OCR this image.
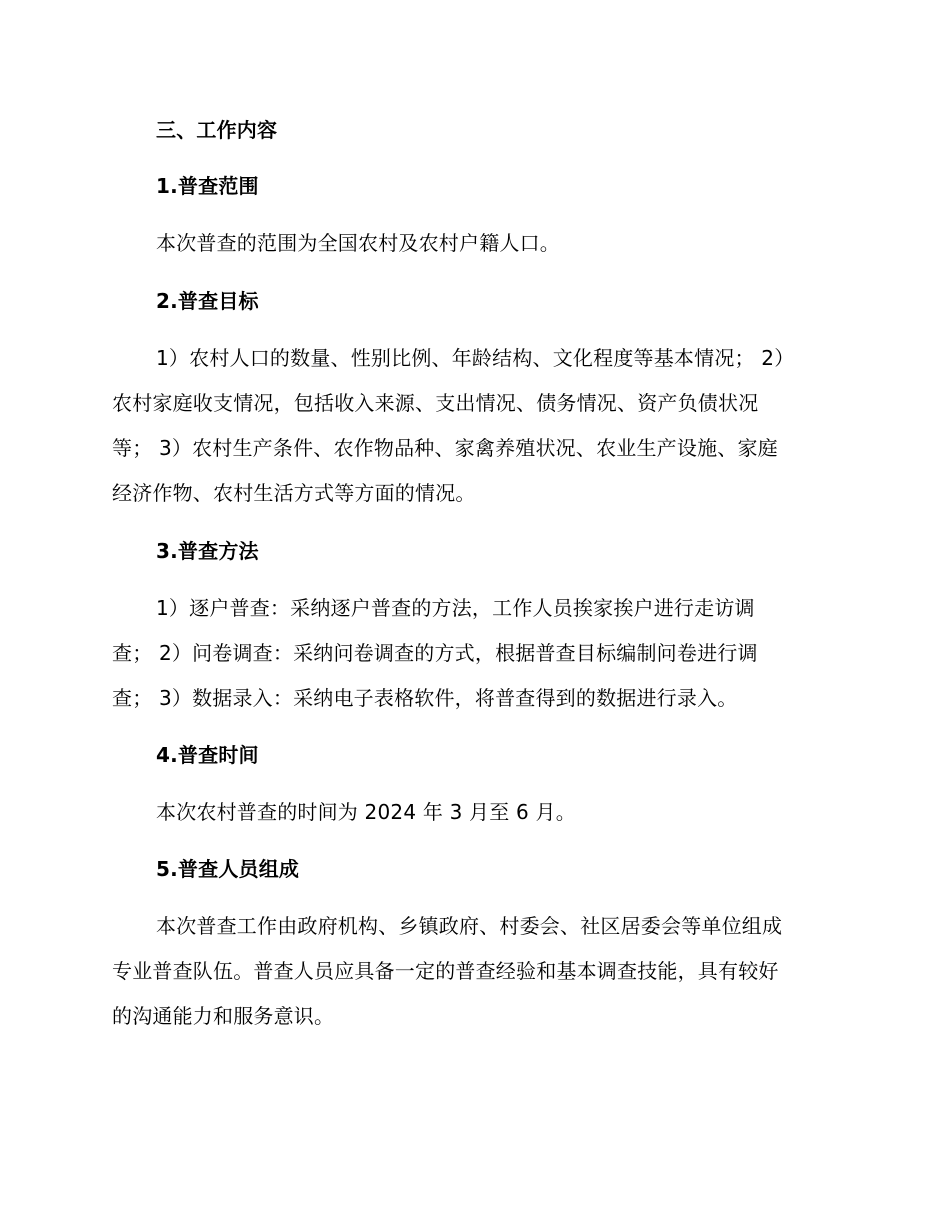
三、工作内容
1.普查范围
本次普查的范围为全国农村及农村户籍人口。
2.普查目标
1）农村人口的数量、性别比例、年龄结构、文化程度等基本情况； 2）
农村家庭收支情况，包括收入来源、支出情况、债务情况、资产负债状况
等； 3）农村生产条件、农作物品种、家禽养殖状况、农业生产设施、家庭
经济作物、农村生活方式等方面的情况。
3.普查方法
1）逐户普查：采纳逐户普查的方法，工作人员挨家挨户进行走访调
查； 2）问卷调查：采纳问卷调查的方式，根据普查目标编制问卷进行调
查； 3）数据录入：采纳电子表格软件，将普查得到的数据进行录入。
4.普查时间
本次农村普查的时间为 2024 年 3 月至 6 月。
5.普查人员组成
本次普查工作由政府机构、乡镇政府、村委会、社区居委会等单位组成
专业普查队伍。普查人员应具备一定的普查经验和基本调查技能，具有较好
的沟通能力和服务意识。
